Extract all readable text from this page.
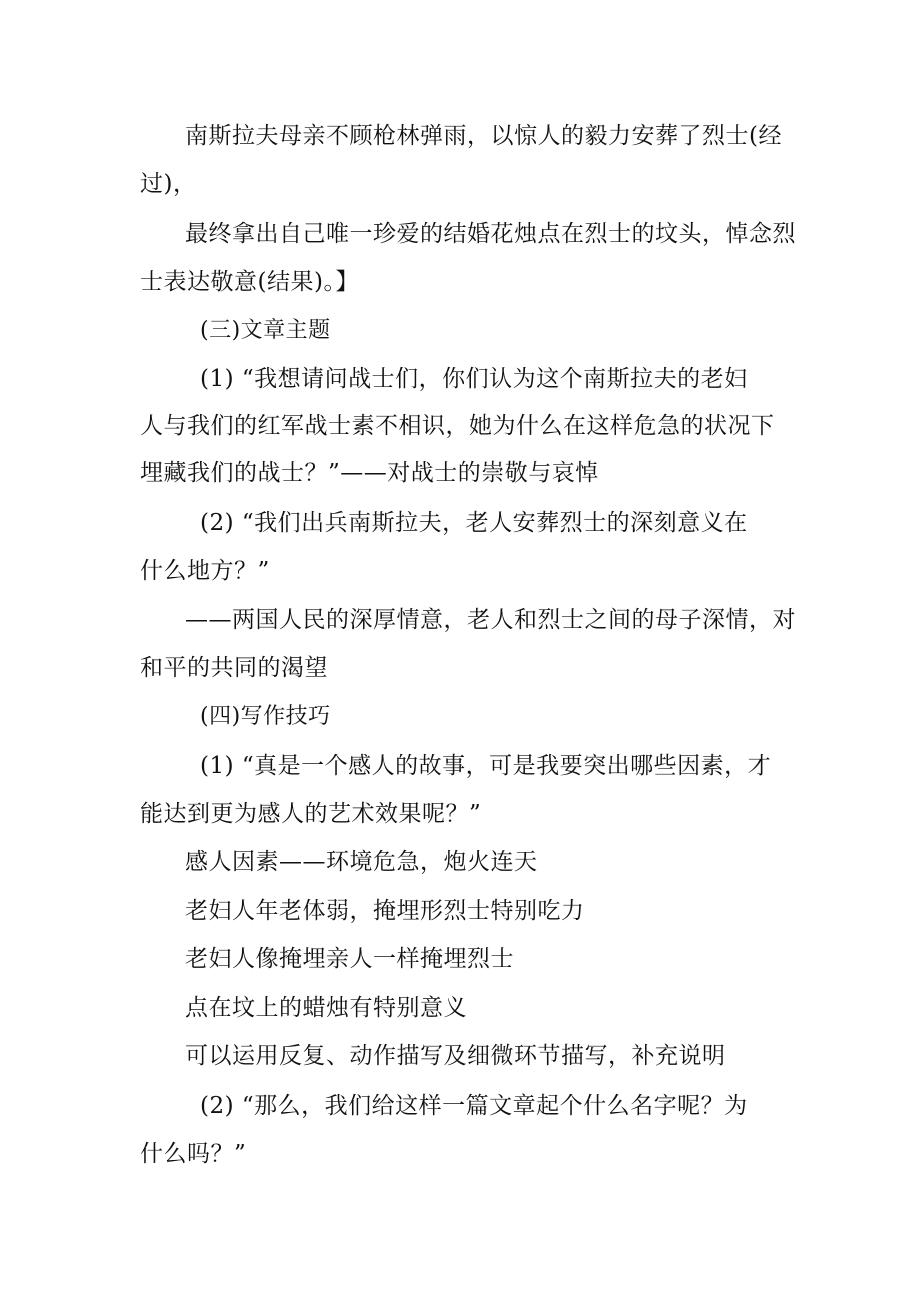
南斯拉夫母亲不顾枪林弹雨，以惊人的毅力安葬了烈士(经
过)，
最终拿出自己唯一珍爱的结婚花烛点在烈士的坟头，悼念烈
士表达敬意(结果)。】
(三)文章主题
(1) “我想请问战士们，你们认为这个南斯拉夫的老妇
人与我们的红军战士素不相识，她为什么在这样危急的状况下
埋藏我们的战士？”——对战士的崇敬与哀悼
(2) “我们出兵南斯拉夫，老人安葬烈士的深刻意义在
什么地方？”
——两国人民的深厚情意，老人和烈士之间的母子深情，对
和平的共同的渴望
(四)写作技巧
(1) “真是一个感人的故事，可是我要突出哪些因素，才
能达到更为感人的艺术效果呢？”
感人因素——环境危急，炮火连天
老妇人年老体弱，掩埋形烈士特别吃力
老妇人像掩埋亲人一样掩埋烈士
点在坟上的蜡烛有特别意义
可以运用反复、动作描写及细微环节描写，补充说明
(2) “那么，我们给这样一篇文章起个什么名字呢？为
什么吗？”
